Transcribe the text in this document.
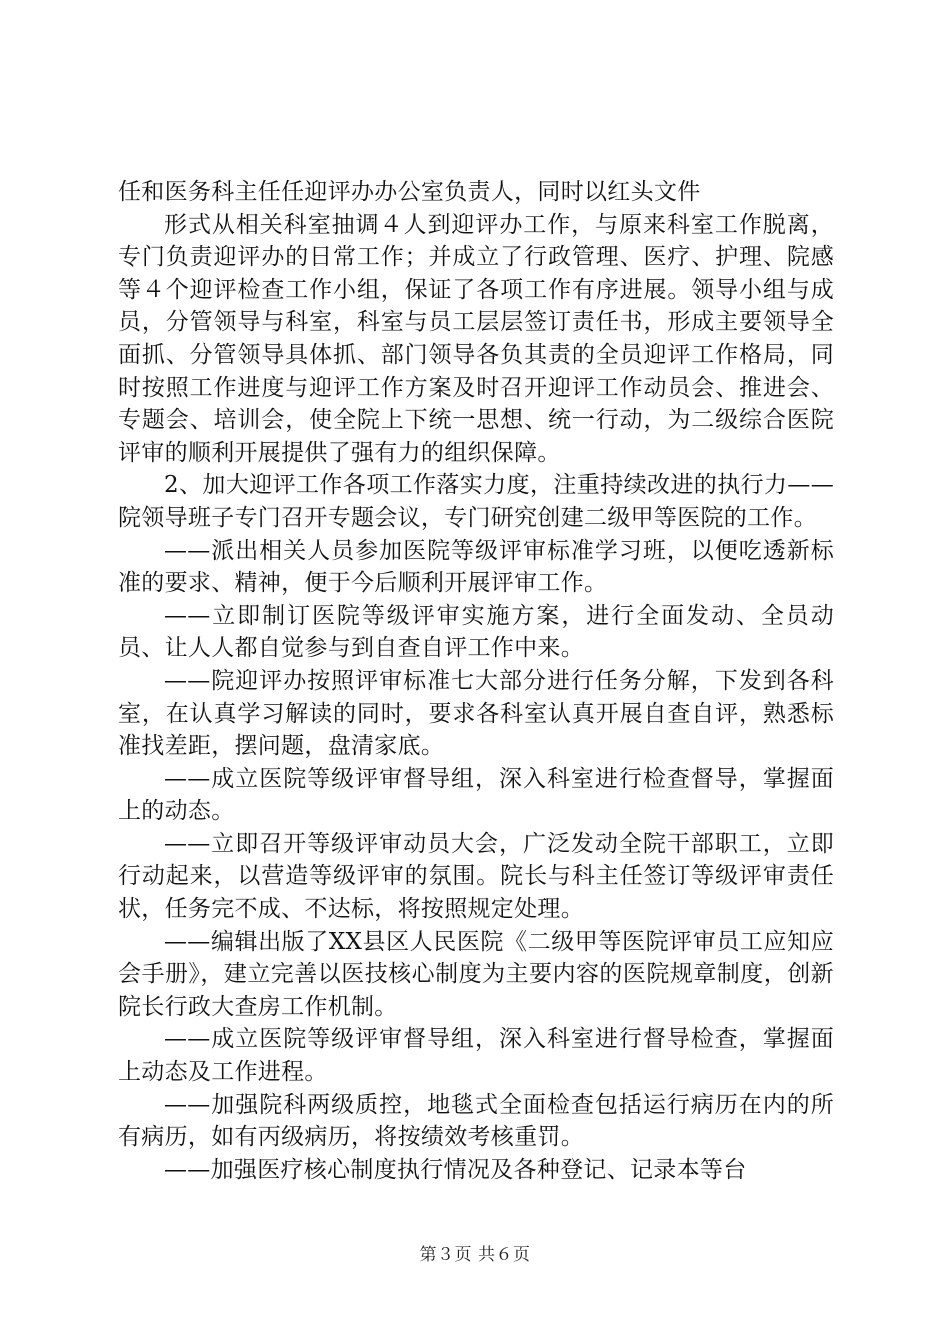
任和医务科主任任迎评办办公室负责人，同时以红头文件

形式从相关科室抽调４人到迎评办工作，与原来科室工作脱离，专门负责迎评办的日常工作；并成立了行政管理、医疗、护理、院感等４个迎评检查工作小组，保证了各项工作有序进展。领导小组与成员，分管领导与科室，科室与员工层层签订责任书，形成主要领导全面抓、分管领导具体抓、部门领导各负其责的全员迎评工作格局，同时按照工作进度与迎评工作方案及时召开迎评工作动员会、推进会、专题会、培训会，使全院上下统一思想、统一行动，为二级综合医院评审的顺利开展提供了强有力的组织保障。

2、加大迎评工作各项工作落实力度，注重持续改进的执行力——院领导班子专门召开专题会议，专门研究创建二级甲等医院的工作。

——派出相关人员参加医院等级评审标准学习班，以便吃透新标准的要求、精神，便于今后顺利开展评审工作。

——立即制订医院等级评审实施方案，进行全面发动、全员动员、让人人都自觉参与到自查自评工作中来。

——院迎评办按照评审标准七大部分进行任务分解，下发到各科室，在认真学习解读的同时，要求各科室认真开展自查自评，熟悉标准找差距，摆问题，盘清家底。

——成立医院等级评审督导组，深入科室进行检查督导，掌握面上的动态。

——立即召开等级评审动员大会，广泛发动全院干部职工，立即行动起来，以营造等级评审的氛围。院长与科主任签订等级评审责任状，任务完不成、不达标，将按照规定处理。

——编辑出版了XX县区人民医院《二级甲等医院评审员工应知应会手册》，建立完善以医技核心制度为主要内容的医院规章制度，创新院长行政大查房工作机制。

——成立医院等级评审督导组，深入科室进行督导检查，掌握面上动态及工作进程。

——加强院科两级质控，地毯式全面检查包括运行病历在内的所有病历，如有丙级病历，将按绩效考核重罚。

——加强医疗核心制度执行情况及各种登记、记录本等台

第３页 共６页
